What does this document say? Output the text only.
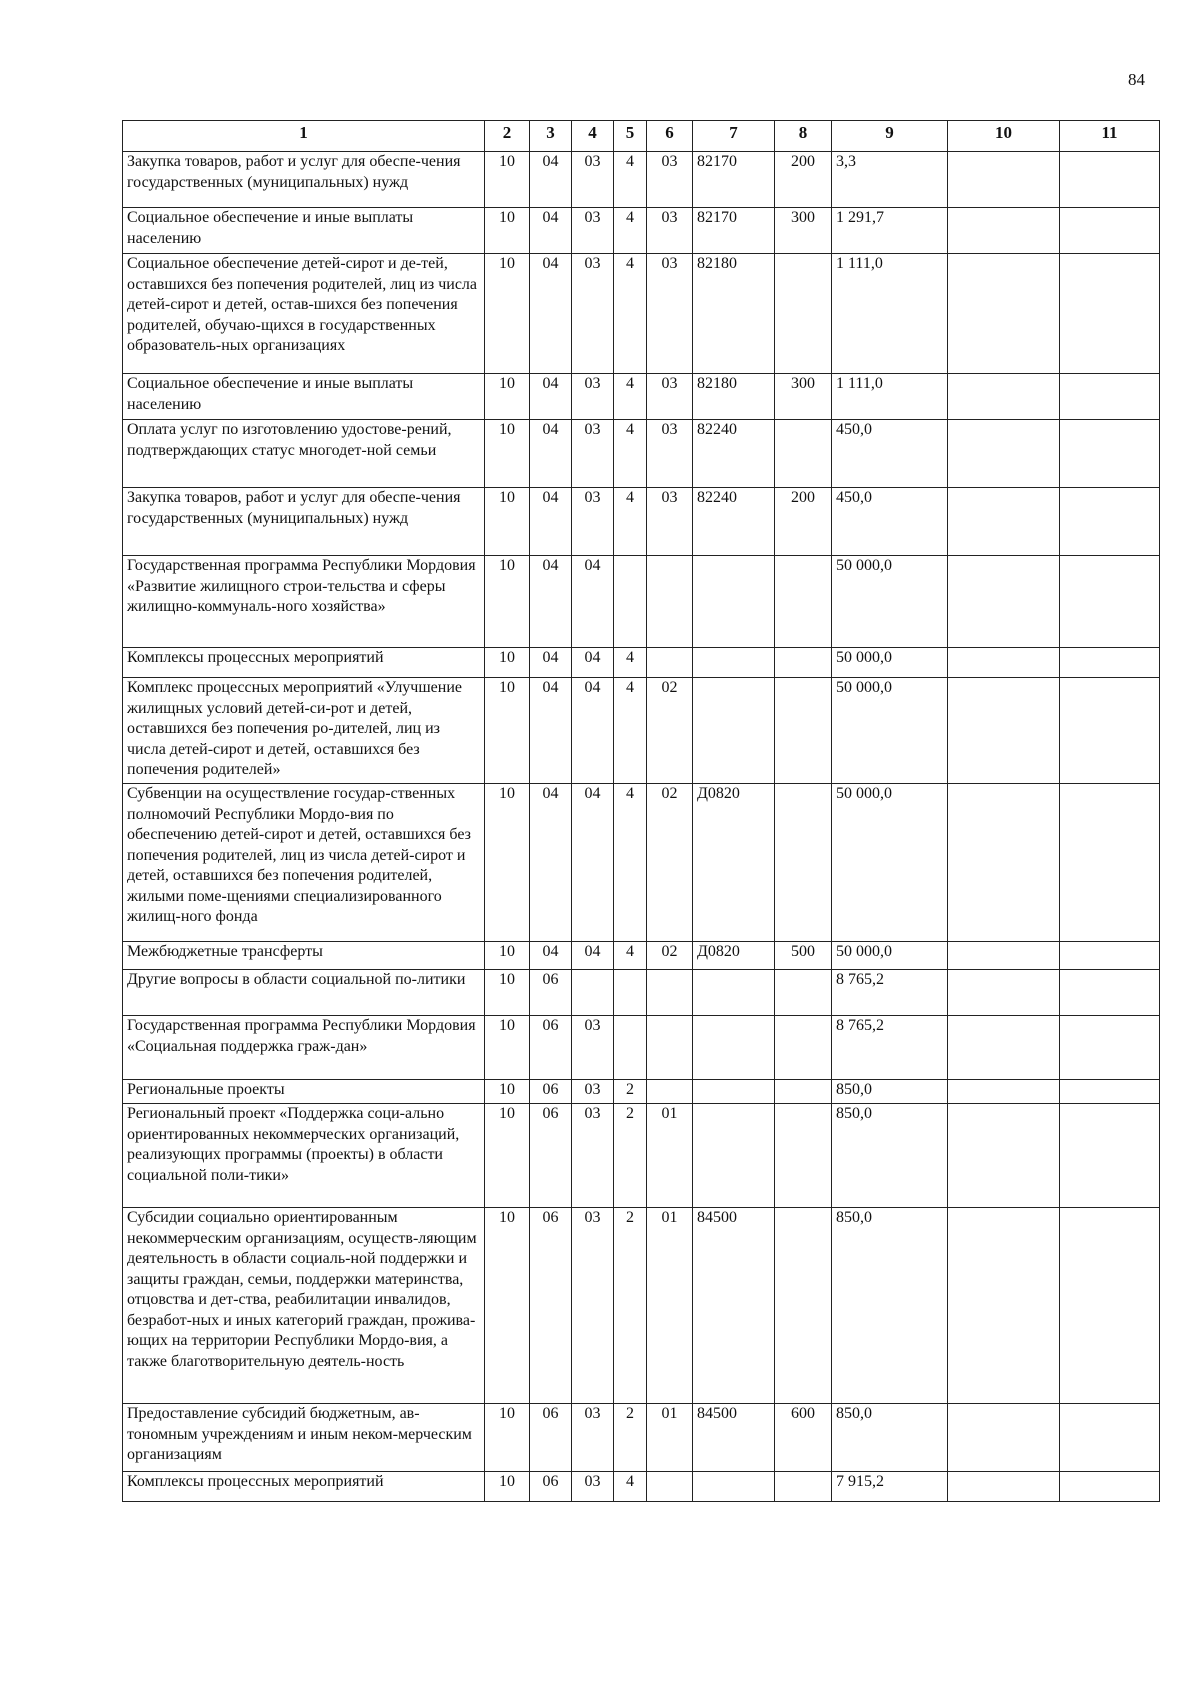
84
1	2	3	4	5	6	7	8	9	10	11
Закупка товаров, работ и услуг для обеспе-чения государственных (муниципальных) нужд	10	04	03	4	03	82170	200	3,3		
Социальное обеспечение и иные выплаты населению	10	04	03	4	03	82170	300	1 291,7		
Социальное обеспечение детей-сирот и де-тей, оставшихся без попечения родителей, лиц из числа детей-сирот и детей, остав-шихся без попечения родителей, обучаю-щихся в государственных образователь-ных организациях	10	04	03	4	03	82180		1 111,0		
Социальное обеспечение и иные выплаты населению	10	04	03	4	03	82180	300	1 111,0		
Оплата услуг по изготовлению удостове-рений, подтверждающих статус многодет-ной семьи	10	04	03	4	03	82240		450,0		
Закупка товаров, работ и услуг для обеспе-чения государственных (муниципальных) нужд	10	04	03	4	03	82240	200	450,0		
Государственная программа Республики Мордовия «Развитие жилищного строи-тельства и сферы жилищно-коммуналь-ного хозяйства»	10	04	04					50 000,0		
Комплексы процессных мероприятий	10	04	04	4				50 000,0		
Комплекс процессных мероприятий «Улучшение жилищных условий детей-си-рот и детей, оставшихся без попечения ро-дителей, лиц из числа детей-сирот и детей, оставшихся без попечения родителей»	10	04	04	4	02			50 000,0		
Субвенции на осуществление государ-ственных полномочий Республики Мордо-вия по обеспечению детей-сирот и детей, оставшихся без попечения родителей, лиц из числа детей-сирот и детей, оставшихся без попечения родителей, жилыми поме-щениями специализированного жилищ-ного фонда	10	04	04	4	02	Д0820		50 000,0		
Межбюджетные трансферты	10	04	04	4	02	Д0820	500	50 000,0		
Другие вопросы в области социальной по-литики	10	06						8 765,2		
Государственная программа Республики Мордовия «Социальная поддержка граж-дан»	10	06	03					8 765,2		
Региональные проекты	10	06	03	2				850,0		
Региональный проект «Поддержка соци-ально ориентированных некоммерческих организаций, реализующих программы (проекты) в области социальной поли-тики»	10	06	03	2	01			850,0		
Субсидии социально ориентированным некоммерческим организациям, осуществ-ляющим деятельность в области социаль-ной поддержки и защиты граждан, семьи, поддержки материнства, отцовства и дет-ства, реабилитации инвалидов, безработ-ных и иных категорий граждан, прожива-ющих на территории Республики Мордо-вия, а также благотворительную деятель-ность	10	06	03	2	01	84500		850,0		
Предоставление субсидий бюджетным, ав-тономным учреждениям и иным неком-мерческим организациям	10	06	03	2	01	84500	600	850,0		
Комплексы процессных мероприятий	10	06	03	4				7 915,2		
